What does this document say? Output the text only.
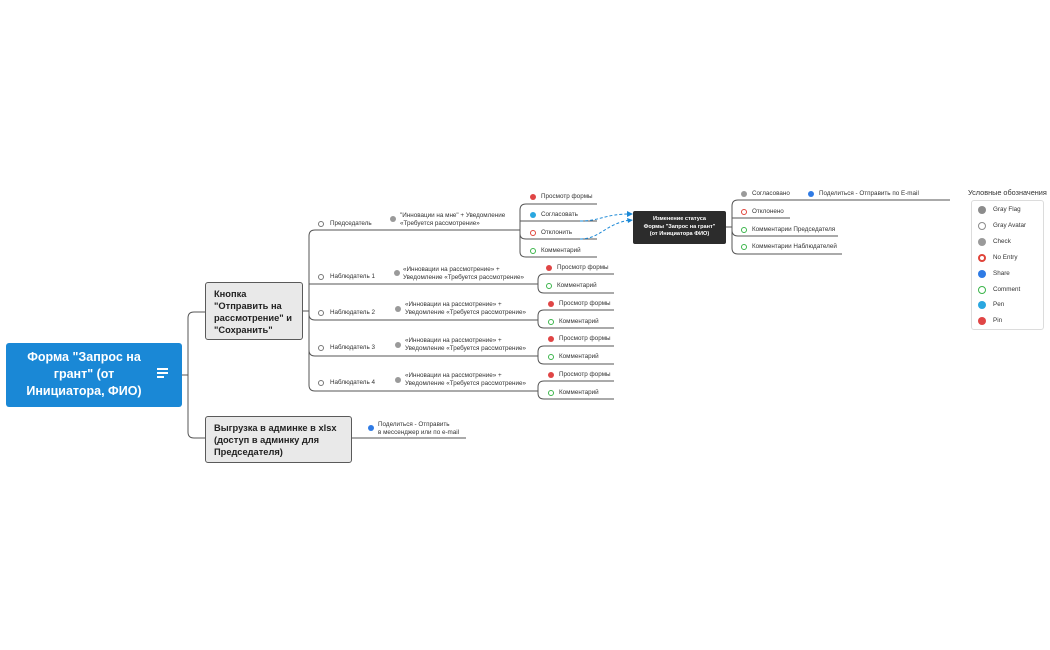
Форма "Запрос на грант" (от Инициатора, ФИО)
Кнопка "Отправить на рассмотрение" и "Сохранить"
Выгрузка в админке в xlsx (доступ в админку для Председателя)
Поделиться - Отправить
в мессенджер или по e-mail
Председатель
"Инновации на мне" + Уведомление
«Требуется рассмотрение»
Просмотр формы
Согласовать
Отклонить
Комментарий
Изменение статуса
Формы "Запрос на грант"
(от Инициатора ФИО)
Согласовано	Поделиться - Отправить по E-mail
Отклонено
Комментарии Председателя
Комментарии Наблюдателей
Наблюдатель 1
«Инновации на рассмотрение» +
Уведомление «Требуется рассмотрение»
Просмотр формы
Комментарий
Наблюдатель 2
«Инновации на рассмотрение» +
Уведомление «Требуется рассмотрение»
Просмотр формы
Комментарий
Наблюдатель 3
«Инновации на рассмотрение» +
Уведомление «Требуется рассмотрение»
Просмотр формы
Комментарий
Наблюдатель 4
«Инновации на рассмотрение» +
Уведомление «Требуется рассмотрение»
Просмотр формы
Комментарий
Условные обозначения
Gray Flag
Gray Avatar
Check
No Entry
Share
Comment
Pen
Pin
